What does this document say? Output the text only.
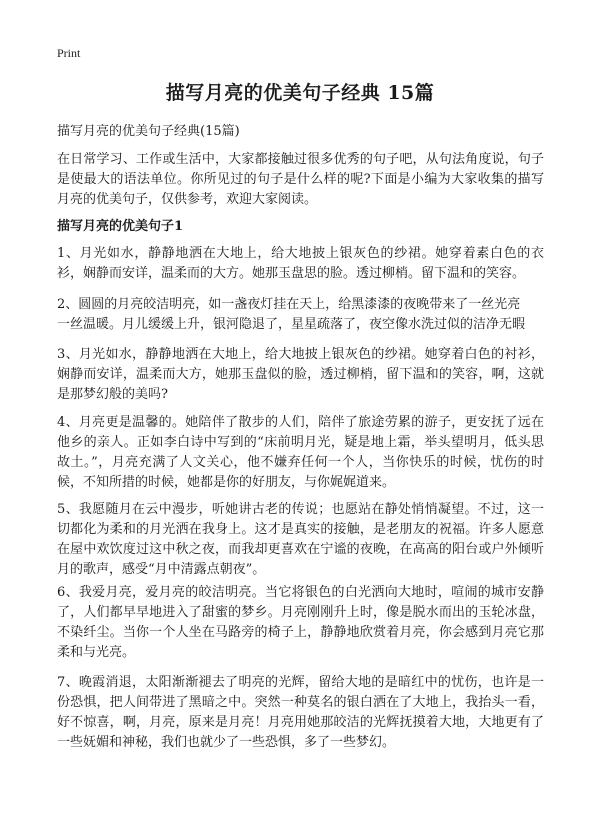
Print
描写月亮的优美句子经典 15篇

描写月亮的优美句子经典(15篇)

在日常学习、工作或生活中，大家都接触过很多优秀的句子吧，从句法角度说，句子是使最大的语法单位。你所见过的句子是什么样的呢?下面是小编为大家收集的描写月亮的优美句子，仅供参考，欢迎大家阅读。

描写月亮的优美句子1

1、月光如水，静静地洒在大地上，给大地披上银灰色的纱裙。她穿着素白色的衣衫，娴静而安详，温柔而的大方。她那玉盘思的脸。透过柳梢。留下温和的笑容。

2、圆圆的月亮皎洁明亮，如一盏夜灯挂在天上，给黑漆漆的夜晚带来了一丝光亮
一丝温暖。月儿缓缓上升，银河隐退了，星星疏落了，夜空像水洗过似的洁净无暇

3、月光如水，静静地洒在大地上，给大地披上银灰色的纱裙。她穿着白色的衬衫，娴静而安详，温柔而大方，她那玉盘似的脸，透过柳梢，留下温和的笑容，啊，这就是那梦幻般的美吗?

4、月亮更是温馨的。她陪伴了散步的人们，陪伴了旅途劳累的游子，更安抚了远在他乡的亲人。正如李白诗中写到的“床前明月光，疑是地上霜，举头望明月，低头思故土。”，月亮充满了人文关心，他不嫌弃任何一个人，当你快乐的时候，忧伤的时候，不知所措的时候，她都是你的好朋友，与你娓娓道来。

5、我愿随月在云中漫步，听她讲古老的传说；也愿站在静处悄悄凝望。不过，这一切都化为柔和的月光洒在我身上。这才是真实的接触，是老朋友的祝福。许多人愿意在屋中欢饮度过这中秋之夜，而我却更喜欢在宁谧的夜晚，在高高的阳台或户外倾听月的歌声，感受“月中清露点朝夜”。

6、我爱月亮，爱月亮的皎洁明亮。当它将银色的白光洒向大地时，喧闹的城市安静了，人们都早早地进入了甜蜜的梦乡。月亮刚刚升上时，像是脱水而出的玉轮冰盘，不染纤尘。当你一个人坐在马路旁的椅子上，静静地欣赏着月亮，你会感到月亮它那柔和与光亮。

7、晚霞消退，太阳渐渐褪去了明亮的光辉，留给大地的是暗红中的忧伤，也许是一份恐惧，把人间带进了黑暗之中。突然一种莫名的银白洒在了大地上，我抬头一看，好不惊喜，啊，月亮，原来是月亮！月亮用她那皎洁的光辉抚摸着大地，大地更有了一些妩媚和神秘，我们也就少了一些恐惧，多了一些梦幻。
